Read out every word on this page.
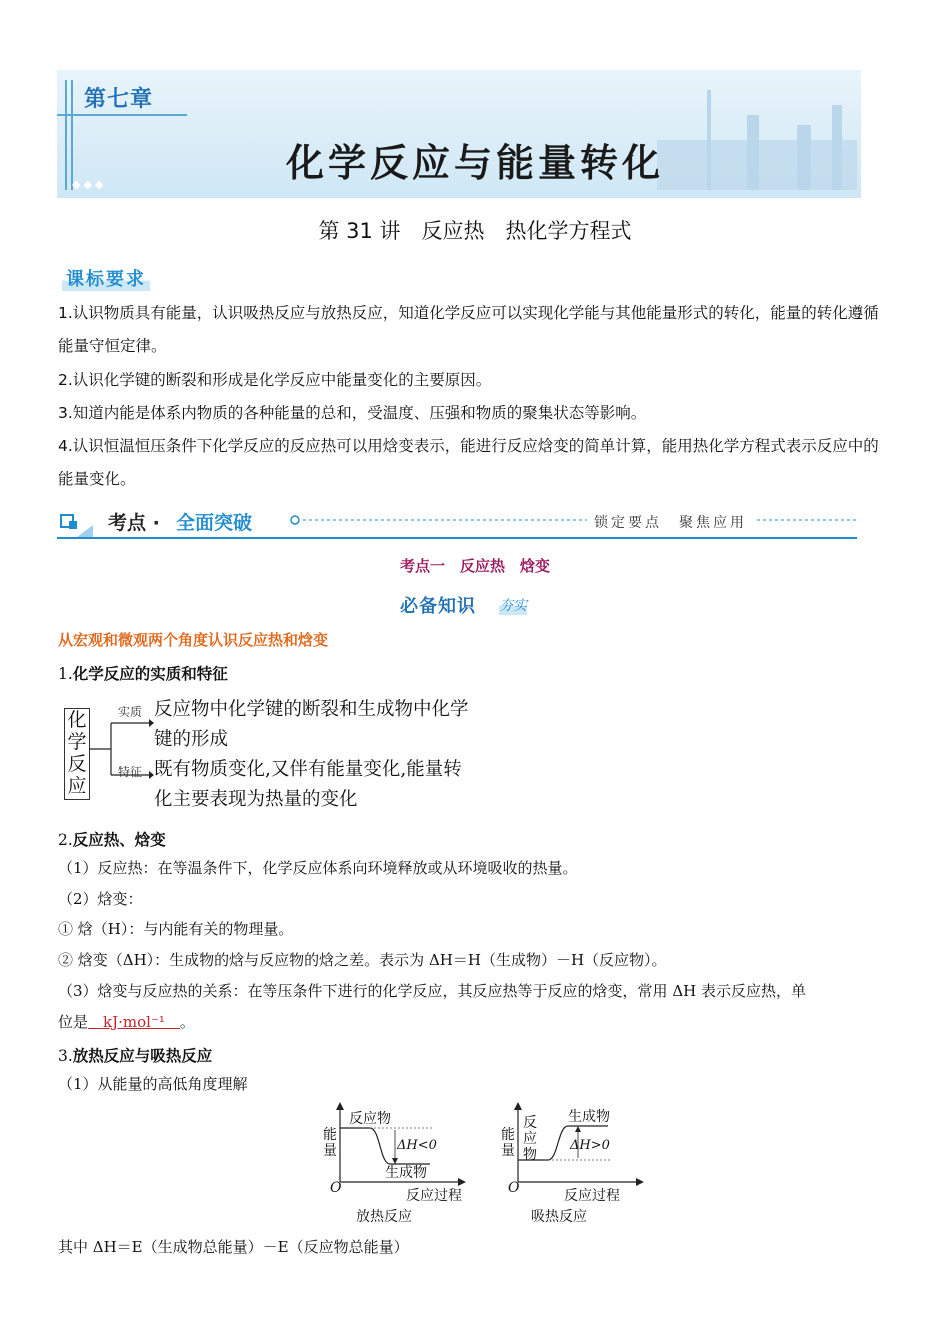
第七章
化学反应与能量转化
◆◆◆
第 31 讲　反应热　热化学方程式
课标要求
1.认识物质具有能量，认识吸热反应与放热反应，知道化学反应可以实现化学能与其他能量形式的转化，能量的转化遵循能量守恒定律。
2.认识化学键的断裂和形成是化学反应中能量变化的主要原因。
3.知道内能是体系内物质的各种能量的总和，受温度、压强和物质的聚集状态等影响。
4.认识恒温恒压条件下化学反应的反应热可以用焓变表示，能进行反应焓变的简单计算，能用热化学方程式表示反应中的能量变化。
考点 · 全面突破	锁定要点　聚焦应用
考点一　反应热　焓变
必备知识 夯实
从宏观和微观两个角度认识反应热和焓变
1.化学反应的实质和特征
化
学
反
应
实质
特征
反应物中化学键的断裂和生成物中化学
键的形成
既有物质变化,又伴有能量变化,能量转
化主要表现为热量的变化
2.反应热、焓变
（1）反应热：在等温条件下，化学反应体系向环境释放或从环境吸收的热量。
（2）焓变：
① 焓（H）：与内能有关的物理量。
② 焓变（ΔH）：生成物的焓与反应物的焓之差。表示为 ΔH＝H（生成物）－H（反应物）。
（3）焓变与反应热的关系：在等压条件下进行的化学反应，其反应热等于反应的焓变，常用 ΔH 表示反应热，单
位是　kJ·mol⁻¹　。
3.放热反应与吸热反应
（1）从能量的高低角度理解
反应物
生成物
ΔH<0
能量
O	反应过程
放热反应
反应物
生成物
ΔH>0
能量
O	反应过程
吸热反应
其中 ΔH＝E（生成物总能量）－E（反应物总能量）
